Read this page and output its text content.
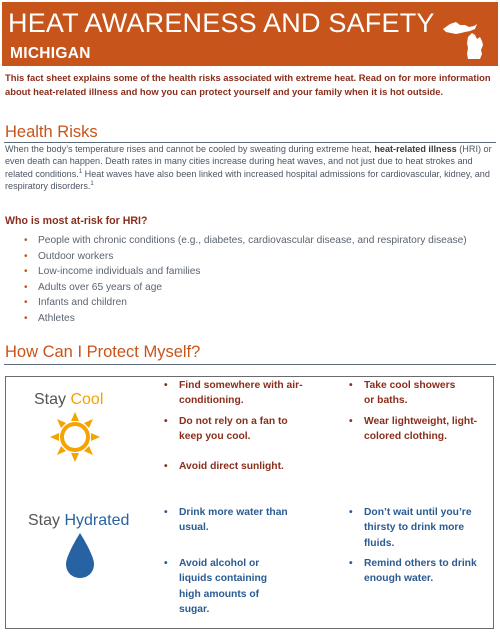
HEAT AWARENESS AND SAFETY
MICHIGAN
This fact sheet explains some of the health risks associated with extreme heat. Read on for more information about heat-related illness and how you can protect yourself and your family when it is hot outside.
Health Risks
When the body’s temperature rises and cannot be cooled by sweating during extreme heat, heat-related illness (HRI) or even death can happen. Death rates in many cities increase during heat waves, and not just due to heat strokes and related conditions.$^1$ Heat waves have also been linked with increased hospital admissions for cardiovascular, kidney, and respiratory disorders.$^1$
Who is most at-risk for HRI?
• People with chronic conditions (e.g., diabetes, cardiovascular disease, and respiratory disease)
• Outdoor workers
• Low-income individuals and families
• Adults over 65 years of age
• Infants and children
• Athletes
How Can I Protect Myself?
Stay Cool
• Find somewhere with air-conditioning.
• Do not rely on a fan to keep you cool.
• Avoid direct sunlight.
• Take cool showers or baths.
• Wear lightweight, light-colored clothing.
Stay Hydrated	• Drink more water than usual.
• Avoid alcohol or liquids containing high amounts of sugar.
• Don’t wait until you’re thirsty to drink more fluids.
• Remind others to drink enough water.
